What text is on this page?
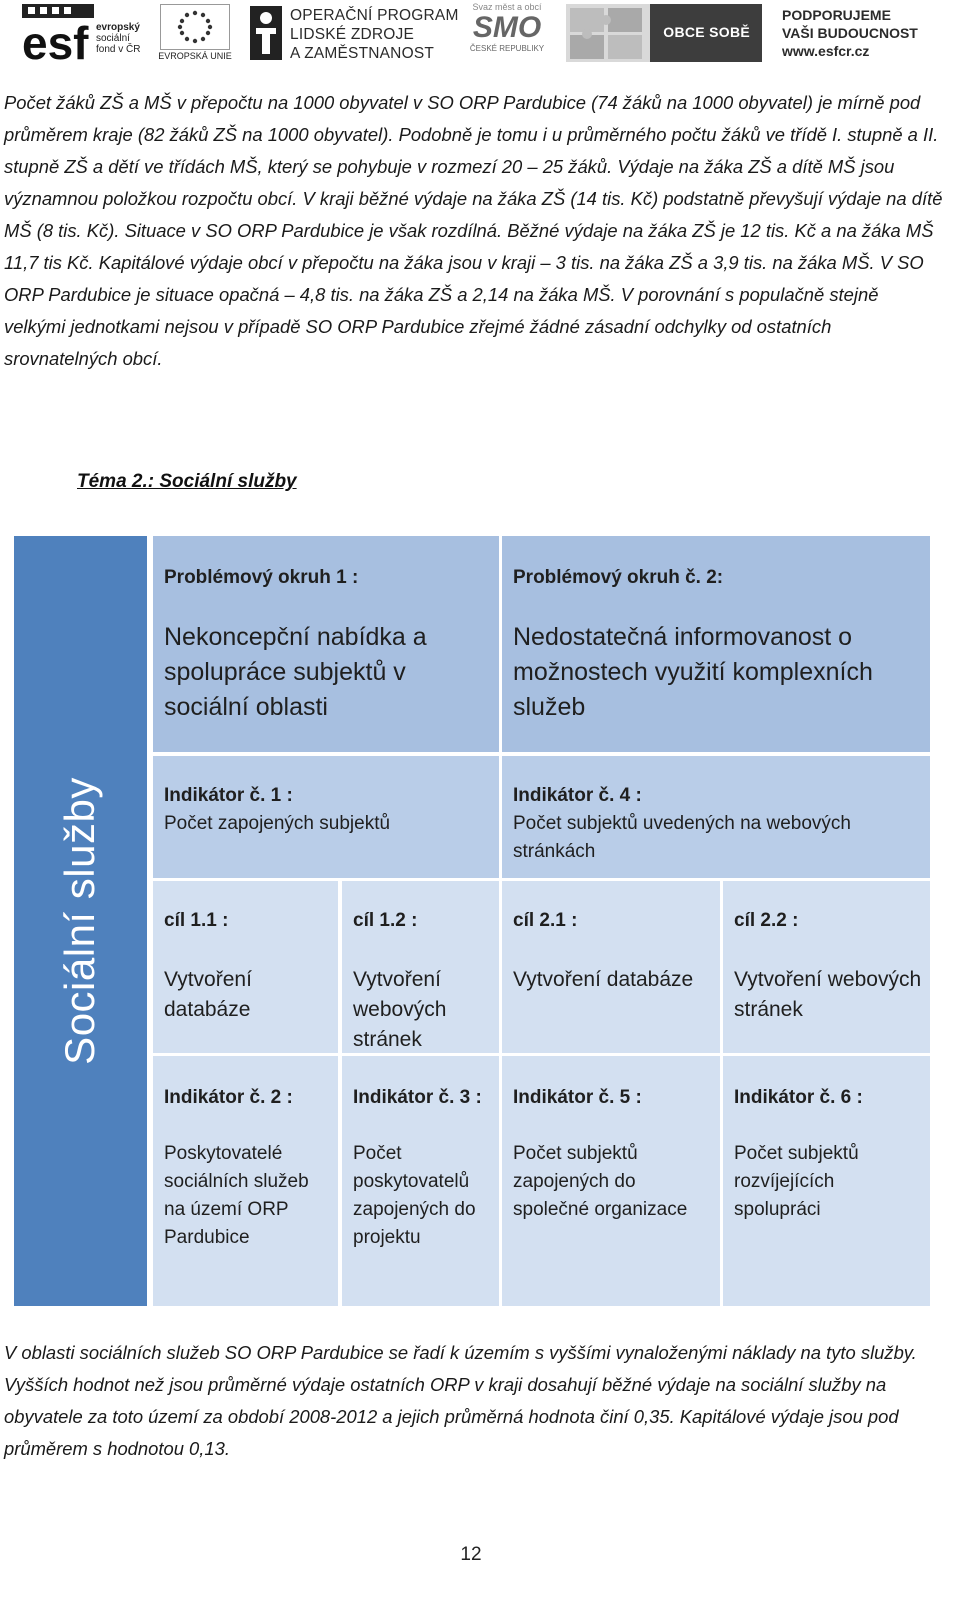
esf evropský
sociální
fond v ČR
EVROPSKÁ UNIE
OPERAČNÍ PROGRAM
LIDSKÉ ZDROJE
A ZAMĚSTNANOST
Svaz měst a obcí
SMO
ČESKÉ REPUBLIKY
OBCE SOBĚ
PODPORUJEME
VAŠI BUDOUCNOST
www.esfcr.cz

Počet žáků ZŠ a MŠ v přepočtu na 1000 obyvatel v SO ORP Pardubice (74 žáků na 1000 obyvatel) je mírně pod průměrem kraje (82 žáků ZŠ na 1000 obyvatel). Podobně je tomu i u průměrného počtu žáků ve třídě I. stupně a II. stupně ZŠ a dětí ve třídách MŠ, který se pohybuje v rozmezí 20 – 25 žáků. Výdaje na žáka ZŠ a dítě MŠ jsou významnou položkou rozpočtu obcí. V kraji běžné výdaje na žáka ZŠ (14 tis. Kč) podstatně převyšují výdaje na dítě MŠ (8 tis. Kč). Situace v SO ORP Pardubice je však rozdílná. Běžné výdaje na žáka ZŠ je 12 tis. Kč a na žáka MŠ 11,7 tis Kč. Kapitálové výdaje obcí v přepočtu na žáka jsou v kraji – 3 tis. na žáka ZŠ a 3,9 tis. na žáka MŠ. V SO ORP Pardubice je situace opačná – 4,8 tis. na žáka ZŠ a 2,14 na žáka MŠ. V porovnání s populačně stejně velkými jednotkami nejsou v případě SO ORP Pardubice zřejmé žádné zásadní odchylky od ostatních srovnatelných obcí.

Téma 2.: Sociální služby
Sociální služby
Problémový okruh 1 :
Nekoncepční nabídka a spolupráce subjektů v sociální oblasti
Problémový okruh č. 2:
Nedostatečná informovanost o možnostech využití komplexních služeb
Indikátor č. 1 :
Počet zapojených subjektů
Indikátor č. 4 :
Počet subjektů uvedených na webových stránkách
cíl 1.1 :
Vytvoření databáze
cíl 1.2 :
Vytvoření webových stránek
cíl 2.1 :
Vytvoření databáze
cíl 2.2 :
Vytvoření webových stránek
Indikátor č. 2 :
Poskytovatelé sociálních služeb na území ORP Pardubice
Indikátor č. 3 :
Počet poskytovatelů zapojených do projektu
Indikátor č. 5 :
Počet subjektů zapojených do společné organizace
Indikátor č. 6 :
Počet subjektů rozvíjejících spolupráci

V oblasti sociálních služeb SO ORP Pardubice se řadí k územím s vyššími vynaloženými náklady na tyto služby. Vyšších hodnot než jsou průměrné výdaje ostatních ORP v kraji dosahují běžné výdaje na sociální služby na obyvatele za toto území za období 2008-2012 a jejich průměrná hodnota činí 0,35. Kapitálové výdaje jsou pod průměrem s hodnotou 0,13.

12
